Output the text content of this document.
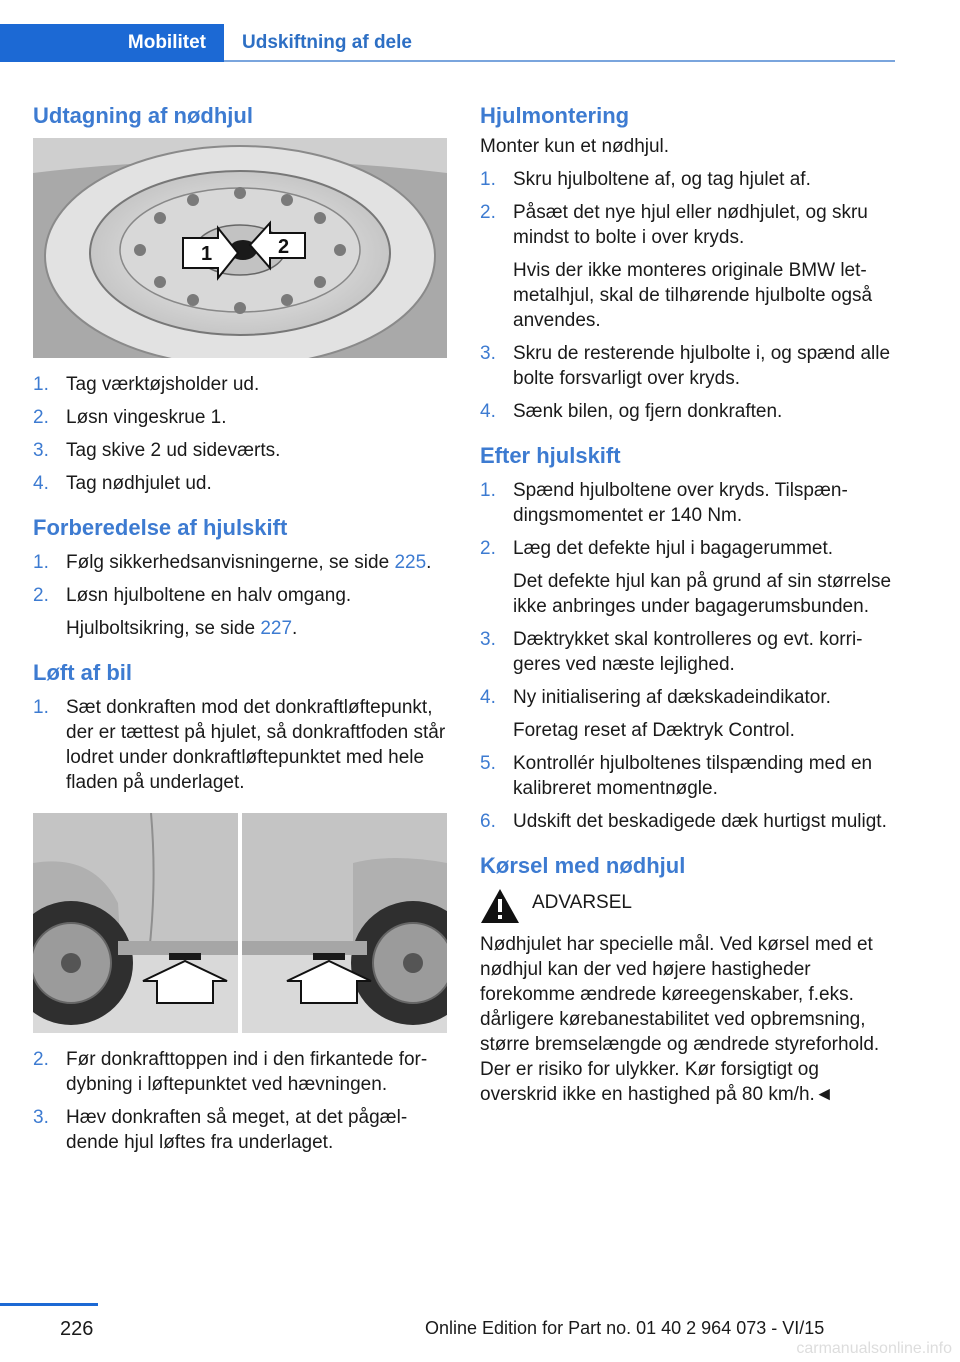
Mobilitet Udskiftning af dele
Udtagning af nødhjul
1	2
1. Tag værktøjsholder ud.
2. Løsn vingeskrue 1.
3. Tag skive 2 ud sideværts.
4. Tag nødhjulet ud.
Forberedelse af hjulskift
1. Følg sikkerhedsanvisningerne, se side 225.
2. Løsn hjulboltene en halv omgang.
Hjulboltsikring, se side 227.
Løft af bil
1. Sæt donkraften mod det donkraftløftepunkt, der er tættest på hjulet, så donkraftfoden står lodret under donkraftløftepunktet med hele fladen på underlaget.
2. Før donkrafttoppen ind i den firkantede fordybning i løftepunktet ved hævningen.
3. Hæv donkraften så meget, at det pågældende hjul løftes fra underlaget.
Hjulmontering

Monter kun et nødhjul.

1. Skru hjulboltene af, og tag hjulet af.
2. Påsæt det nye hjul eller nødhjulet, og skru mindst to bolte i over kryds.
Hvis der ikke monteres originale BMW letmetalhjul, skal de tilhørende hjulbolte også anvendes.
3. Skru de resterende hjulbolte i, og spænd alle bolte forsvarligt over kryds.
4. Sænk bilen, og fjern donkraften.
Efter hjulskift
1. Spænd hjulboltene over kryds. Tilspændingsmomentet er 140 Nm.
2. Læg det defekte hjul i bagagerummet.
Det defekte hjul kan på grund af sin størrelse ikke anbringes under bagagerumsbunden.
3. Dæktrykket skal kontrolleres og evt. korrigeres ved næste lejlighed.
4. Ny initialisering af dækskadeindikator.
Foretag reset af Dæktryk Control.
5. Kontrollér hjulboltenes tilspænding med en kalibreret momentnøgle.
6. Udskift det beskadigede dæk hurtigst muligt.
Kørsel med nødhjul
ADVARSEL
Nødhjulet har specielle mål. Ved kørsel med et nødhjul kan der ved højere hastigheder forekomme ændrede køreegenskaber, f.eks. dårligere kørebanestabilitet ved opbremsning, større bremselængde og ændrede styreforhold. Der er risiko for ulykker. Kør forsigtigt og overskrid ikke en hastighed på 80 km/h.◄
226	Online Edition for Part no. 01 40 2 964 073 - VI/15
carmanualsonline.info
